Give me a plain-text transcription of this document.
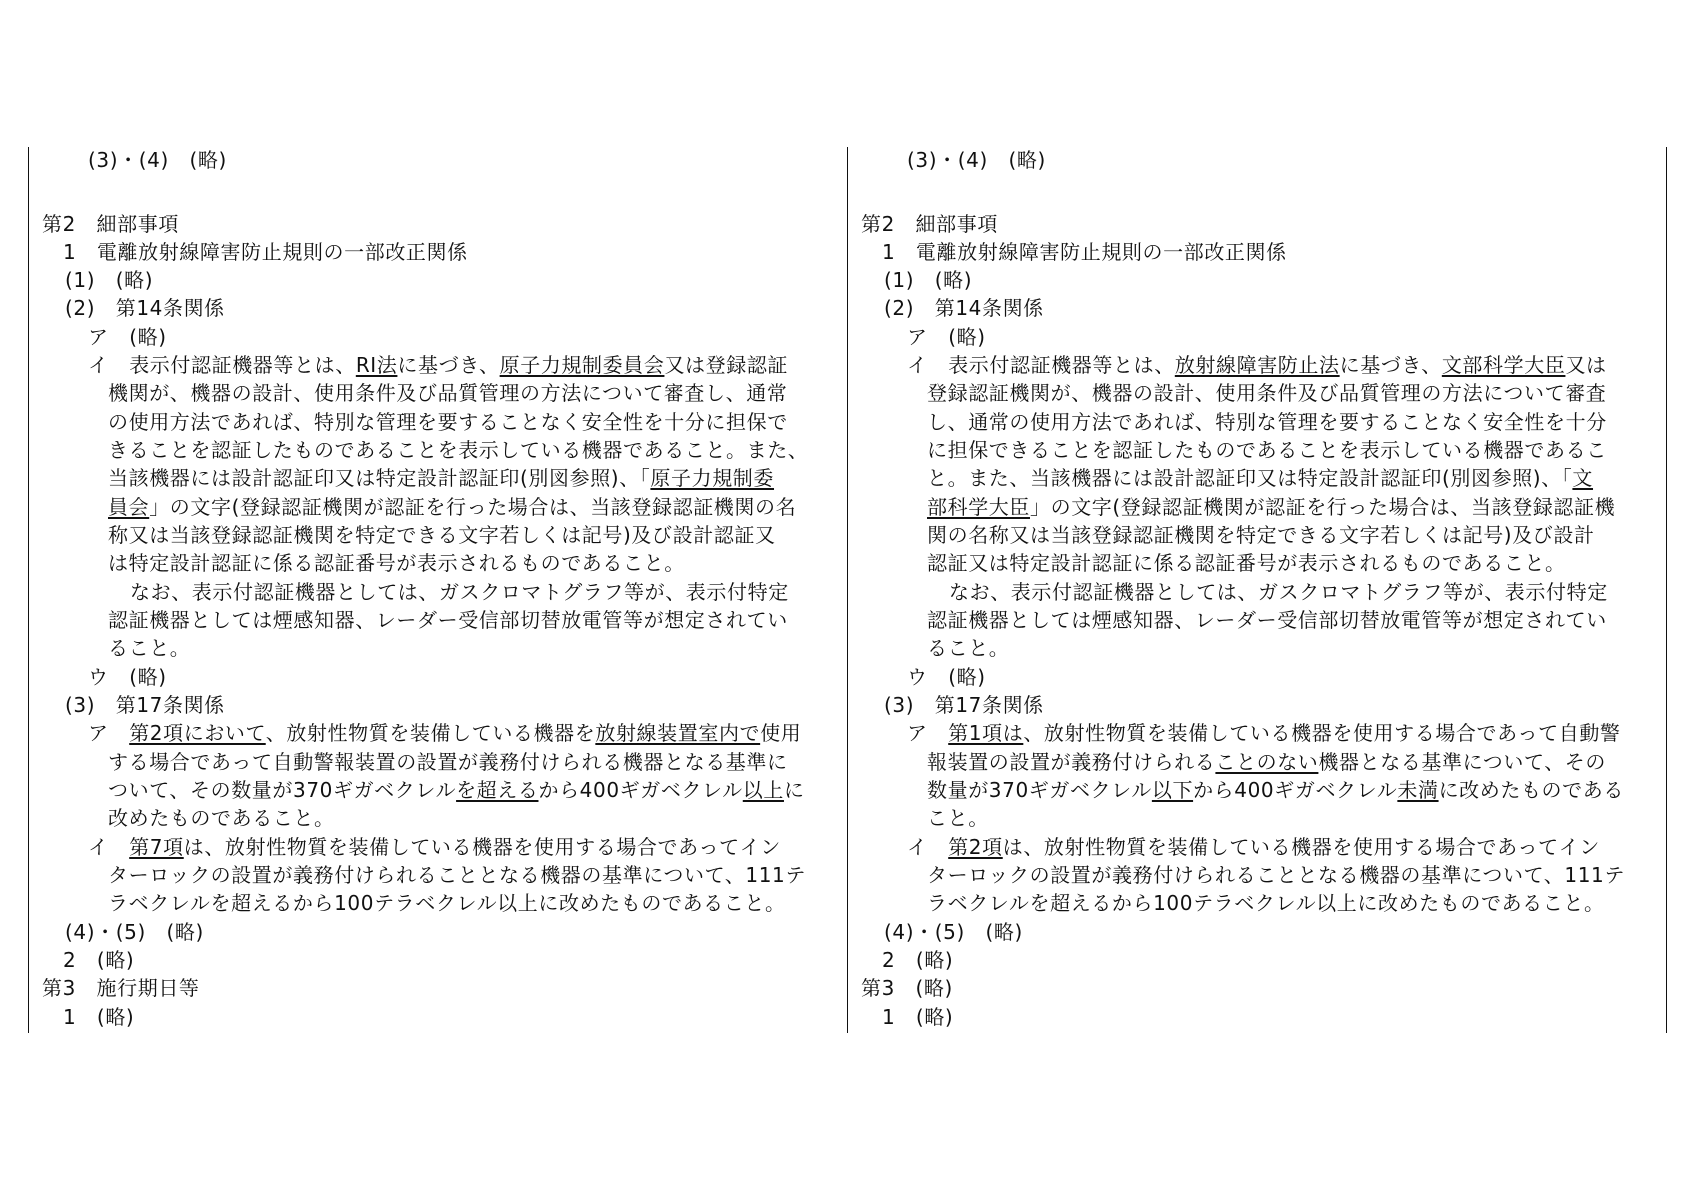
(3)・(4)　(略)
第2　細部事項
1　電離放射線障害防止規則の一部改正関係
(1)　(略)
(2)　第14条関係
ア　(略)
イ　表示付認証機器等とは、RI法に基づき、原子力規制委員会又は登録認証
機関が、機器の設計、使用条件及び品質管理の方法について審査し、通常
の使用方法であれば、特別な管理を要することなく安全性を十分に担保で
きることを認証したものであることを表示している機器であること。また、
当該機器には設計認証印又は特定設計認証印(別図参照)、「原子力規制委
員会」の文字(登録認証機関が認証を行った場合は、当該登録認証機関の名
称又は当該登録認証機関を特定できる文字若しくは記号)及び設計認証又
は特定設計認証に係る認証番号が表示されるものであること。
なお、表示付認証機器としては、ガスクロマトグラフ等が、表示付特定
認証機器としては煙感知器、レーダー受信部切替放電管等が想定されてい
ること。
ウ　(略)
(3)　第17条関係
ア　第2項において、放射性物質を装備している機器を放射線装置室内で使用
する場合であって自動警報装置の設置が義務付けられる機器となる基準に
ついて、その数量が370ギガベクレルを超えるから400ギガベクレル以上に
改めたものであること。
イ　第7項は、放射性物質を装備している機器を使用する場合であってイン
ターロックの設置が義務付けられることとなる機器の基準について、111テ
ラベクレルを超えるから100テラベクレル以上に改めたものであること。
(4)・(5)　(略)
2　(略)
第3　施行期日等
1　(略)
(3)・(4)　(略)
第2　細部事項
1　電離放射線障害防止規則の一部改正関係
(1)　(略)
(2)　第14条関係
ア　(略)
イ　表示付認証機器等とは、放射線障害防止法に基づき、文部科学大臣又は
登録認証機関が、機器の設計、使用条件及び品質管理の方法について審査
し、通常の使用方法であれば、特別な管理を要することなく安全性を十分
に担保できることを認証したものであることを表示している機器であるこ
と。また、当該機器には設計認証印又は特定設計認証印(別図参照)、「文
部科学大臣」の文字(登録認証機関が認証を行った場合は、当該登録認証機
関の名称又は当該登録認証機関を特定できる文字若しくは記号)及び設計
認証又は特定設計認証に係る認証番号が表示されるものであること。
なお、表示付認証機器としては、ガスクロマトグラフ等が、表示付特定
認証機器としては煙感知器、レーダー受信部切替放電管等が想定されてい
ること。
ウ　(略)
(3)　第17条関係
ア　第1項は、放射性物質を装備している機器を使用する場合であって自動警
報装置の設置が義務付けられることのない機器となる基準について、その
数量が370ギガベクレル以下から400ギガベクレル未満に改めたものである
こと。
イ　第2項は、放射性物質を装備している機器を使用する場合であってイン
ターロックの設置が義務付けられることとなる機器の基準について、111テ
ラベクレルを超えるから100テラベクレル以上に改めたものであること。
(4)・(5)　(略)
2　(略)
第3　(略)
1　(略)
